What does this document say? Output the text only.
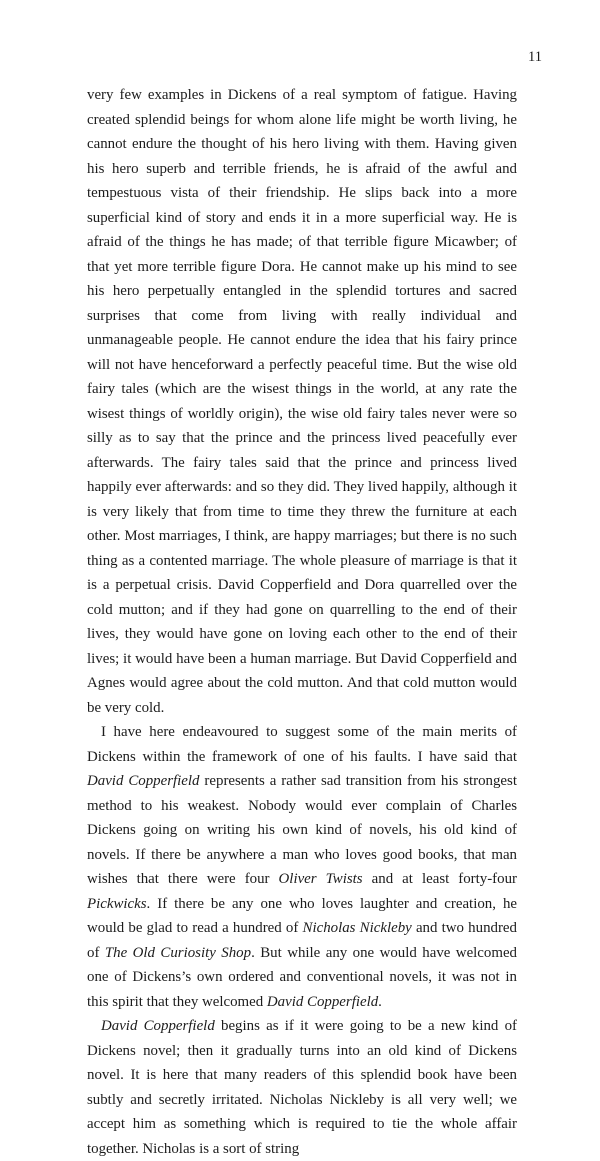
11

very few examples in Dickens of a real symptom of fatigue. Having created splendid beings for whom alone life might be worth living, he cannot endure the thought of his hero living with them. Having given his hero superb and terrible friends, he is afraid of the awful and tempestuous vista of their friendship. He slips back into a more superficial kind of story and ends it in a more superficial way. He is afraid of the things he has made; of that terrible figure Micawber; of that yet more terrible figure Dora. He cannot make up his mind to see his hero perpetually entangled in the splendid tortures and sacred surprises that come from living with really individual and unmanageable people. He cannot endure the idea that his fairy prince will not have henceforward a perfectly peaceful time. But the wise old fairy tales (which are the wisest things in the world, at any rate the wisest things of worldly origin), the wise old fairy tales never were so silly as to say that the prince and the princess lived peacefully ever afterwards. The fairy tales said that the prince and princess lived happily ever afterwards: and so they did. They lived happily, although it is very likely that from time to time they threw the furniture at each other. Most marriages, I think, are happy marriages; but there is no such thing as a contented marriage. The whole pleasure of marriage is that it is a perpetual crisis. David Copperfield and Dora quarrelled over the cold mutton; and if they had gone on quarrelling to the end of their lives, they would have gone on loving each other to the end of their lives; it would have been a human marriage. But David Copperfield and Agnes would agree about the cold mutton. And that cold mutton would be very cold.

I have here endeavoured to suggest some of the main merits of Dickens within the framework of one of his faults. I have said that David Copperfield represents a rather sad transition from his strongest method to his weakest. Nobody would ever complain of Charles Dickens going on writing his own kind of novels, his old kind of novels. If there be anywhere a man who loves good books, that man wishes that there were four Oliver Twists and at least forty-four Pickwicks. If there be any one who loves laughter and creation, he would be glad to read a hundred of Nicholas Nickleby and two hundred of The Old Curiosity Shop. But while any one would have welcomed one of Dickens’s own ordered and conventional novels, it was not in this spirit that they welcomed David Copperfield.

David Copperfield begins as if it were going to be a new kind of Dickens novel; then it gradually turns into an old kind of Dickens novel. It is here that many readers of this splendid book have been subtly and secretly irritated. Nicholas Nickleby is all very well; we accept him as something which is required to tie the whole affair together. Nicholas is a sort of string
